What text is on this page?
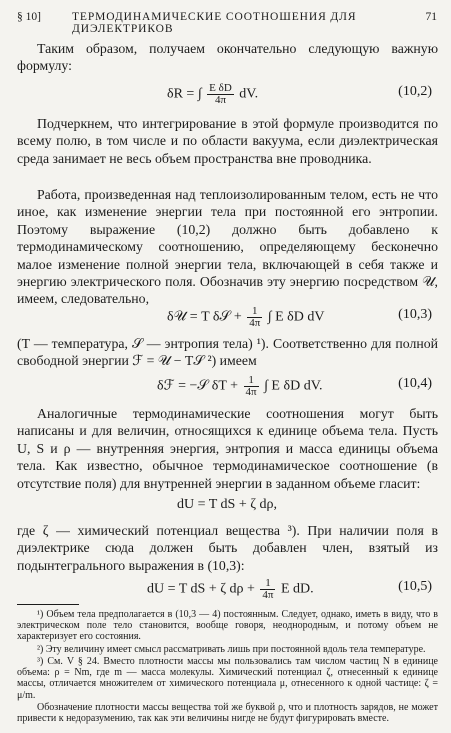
§ 10]	ТЕРМОДИНАМИЧЕСКИЕ СООТНОШЕНИЯ ДЛЯ ДИЭЛЕКТРИКОВ
71

Таким образом, получаем окончательно следующую важную формулу:

δR = ∫ $\frac{\text{E δD}}{4\pi}$ dV.	(10,2)

Подчеркнем, что интегрирование в этой формуле производится по всему полю, в том числе и по области вакуума, если диэлектрическая среда занимает не весь объем пространства вне проводника.

Работа, произведенная над теплоизолированным телом, есть не что иное, как изменение энергии тела при постоянной его энтропии. Поэтому выражение (10,2) должно быть добавлено к термодинамическому соотношению, определяющему бесконечно малое изменение полной энергии тела, включающей в себя также и энергию электрического поля. Обозначив эту энергию посредством 𝒰, имеем, следовательно,

δ𝒰 = T δ𝒮 + $\frac{1}{4\pi}$ ∫ E δD dV	(10,3)

(T — температура, 𝒮 — энтропия тела) ¹). Соответственно для полной свободной энергии ℱ = 𝒰 − T𝒮 ²) имеем

δℱ = −𝒮 $\delta T + \frac{1}{4\pi}$ ∫ E δD dV.	(10,4)

Аналогичные термодинамические соотношения могут быть написаны и для величин, относящихся к единице объема тела. Пусть U, S и ρ — внутренняя энергия, энтропия и масса единицы объема тела. Как известно, обычное термодинамическое соотношение (в отсутствие поля) для внутренней энергии в заданном объеме гласит:

dU = T dS + ζ dρ,

где ζ — химический потенциал вещества ³). При наличии поля в диэлектрике сюда должен быть добавлен член, взятый из подынтегрального выражения в (10,3):

dU = T dS + ζ $d\rho + \frac{1}{4\pi}$ E dD.	(10,5)

¹) Объем тела предполагается в (10,3 — 4) постоянным. Следует, однако, иметь в виду, что в электрическом поле тело становится, вообще говоря, неоднородным, и потому объем не характеризует его состояния.

²) Эту величину имеет смысл рассматривать лишь при постоянной вдоль тела температуре.

³) См. V § 24. Вместо плотности массы мы пользовались там числом частиц N в единице объема: ρ = Nm, где m — масса молекулы. Химический потенциал ζ, отнесенный к единице массы, отличается множителем от химического потенциала μ, отнесенного к одной частице: ζ = μ/m.

Обозначение плотности массы вещества той же буквой ρ, что и плотность зарядов, не может привести к недоразумению, так как эти величины нигде не будут фигурировать вместе.
